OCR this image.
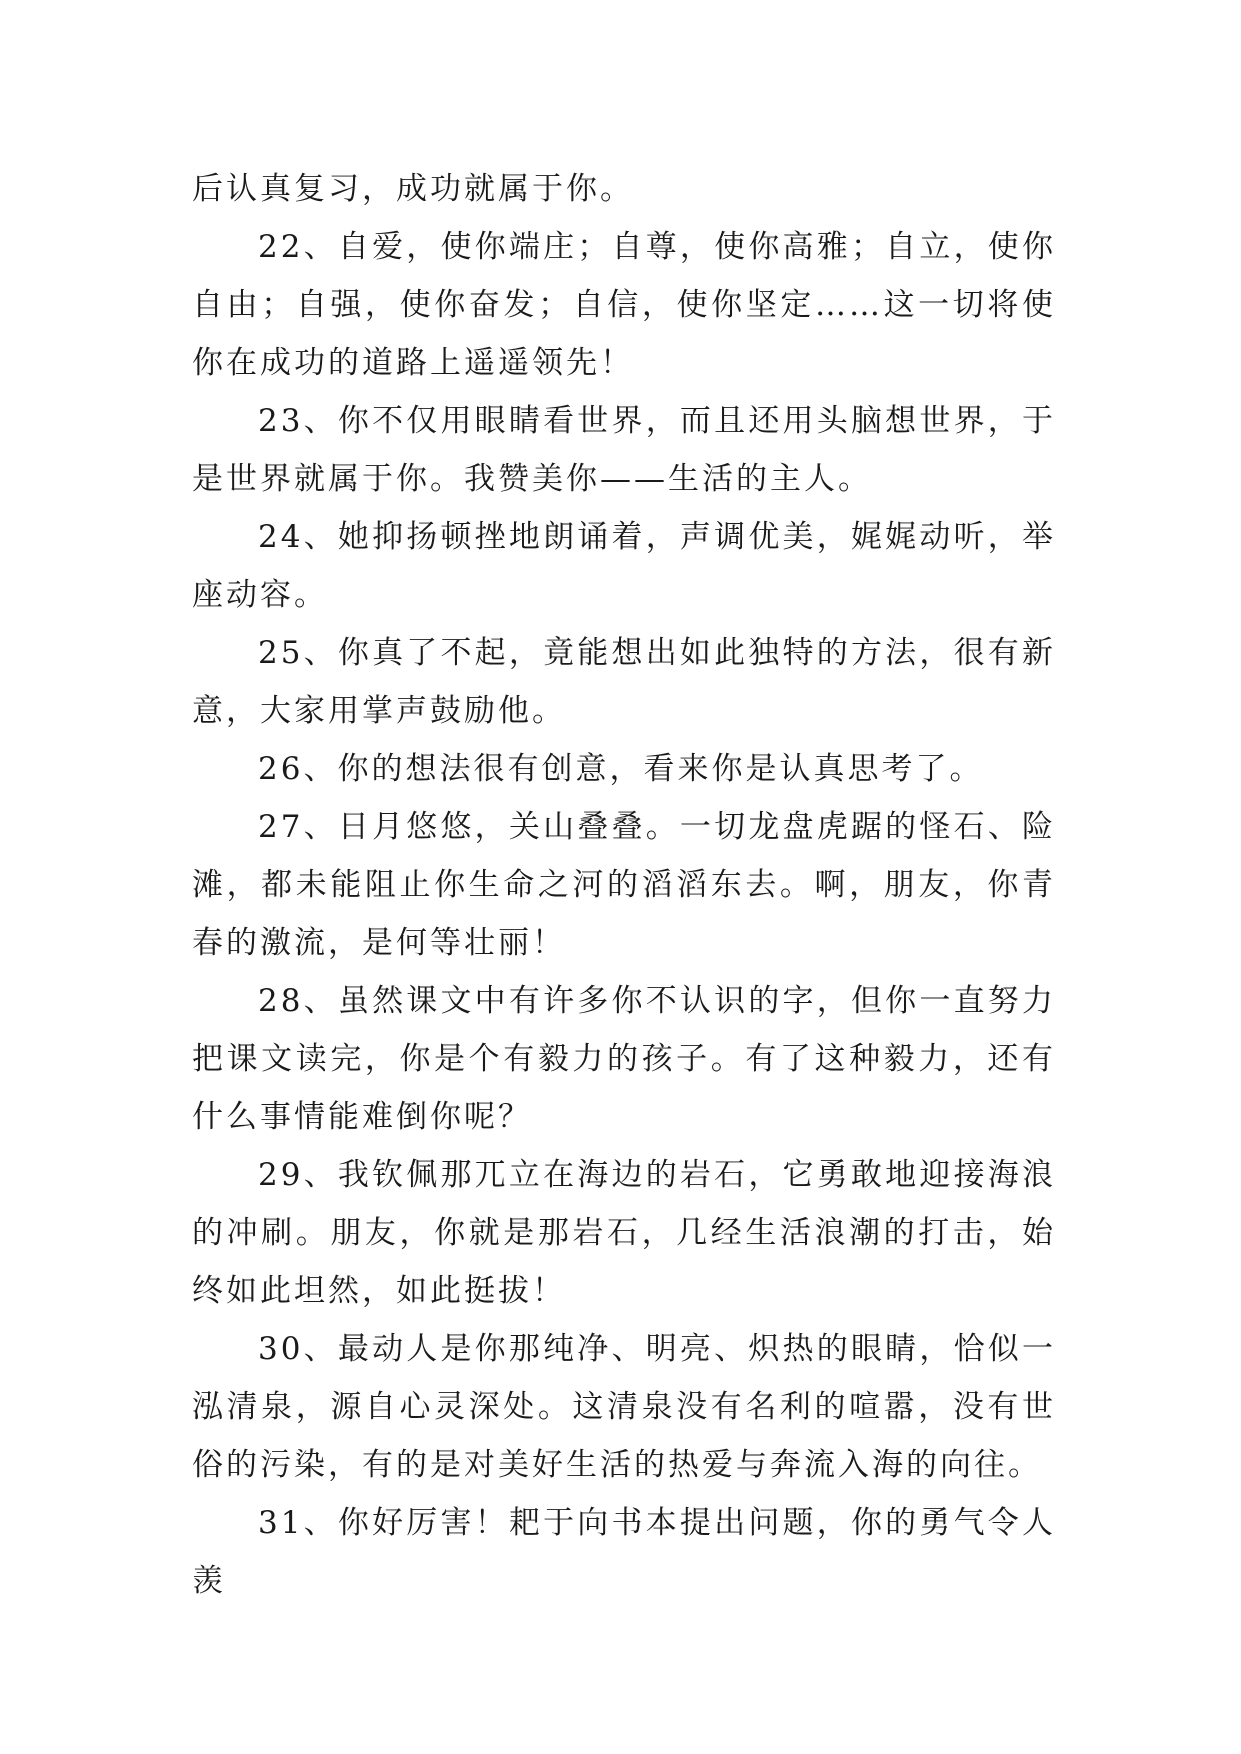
后认真复习，成功就属于你。

22、自爱，使你端庄；自尊，使你高雅；自立，使你自由；自强，使你奋发；自信，使你坚定……这一切将使你在成功的道路上遥遥领先！

23、你不仅用眼睛看世界，而且还用头脑想世界，于是世界就属于你。我赞美你——生活的主人。

24、她抑扬顿挫地朗诵着，声调优美，娓娓动听，举座动容。

25、你真了不起，竟能想出如此独特的方法，很有新意，大家用掌声鼓励他。

26、你的想法很有创意，看来你是认真思考了。

27、日月悠悠，关山叠叠。一切龙盘虎踞的怪石、险滩，都未能阻止你生命之河的滔滔东去。啊，朋友，你青春的激流，是何等壮丽！

28、虽然课文中有许多你不认识的字，但你一直努力把课文读完，你是个有毅力的孩子。有了这种毅力，还有什么事情能难倒你呢？

29、我钦佩那兀立在海边的岩石，它勇敢地迎接海浪的冲刷。朋友，你就是那岩石，几经生活浪潮的打击，始终如此坦然，如此挺拔！

30、最动人是你那纯净、明亮、炽热的眼睛，恰似一泓清泉，源自心灵深处。这清泉没有名利的喧嚣，没有世俗的污染，有的是对美好生活的热爱与奔流入海的向往。

31、你好厉害！耙于向书本提出问题，你的勇气令人羡
